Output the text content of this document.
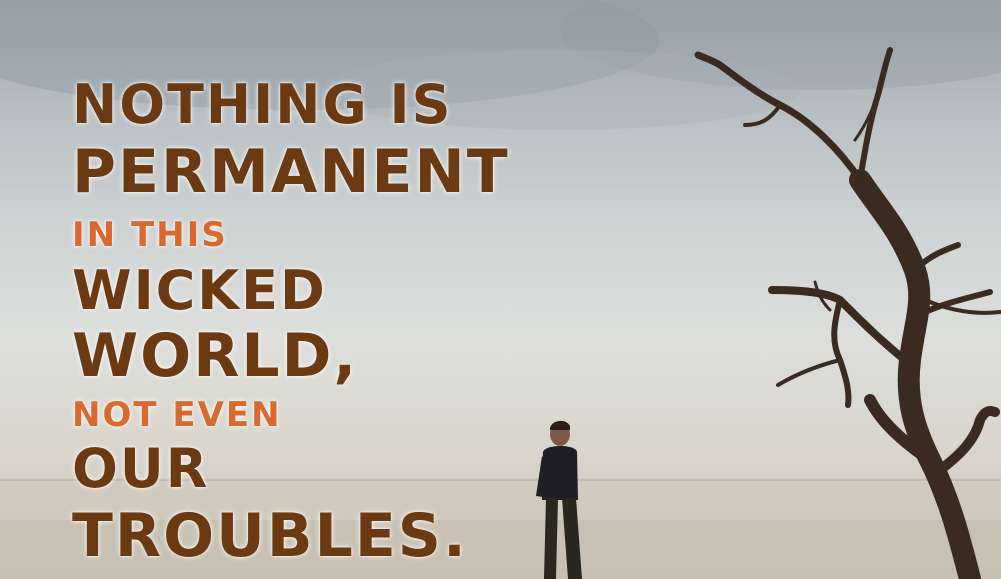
NOTHING IS
PERMANENT
IN THIS
WICKED
WORLD,
NOT EVEN
OUR
TROUBLES.
